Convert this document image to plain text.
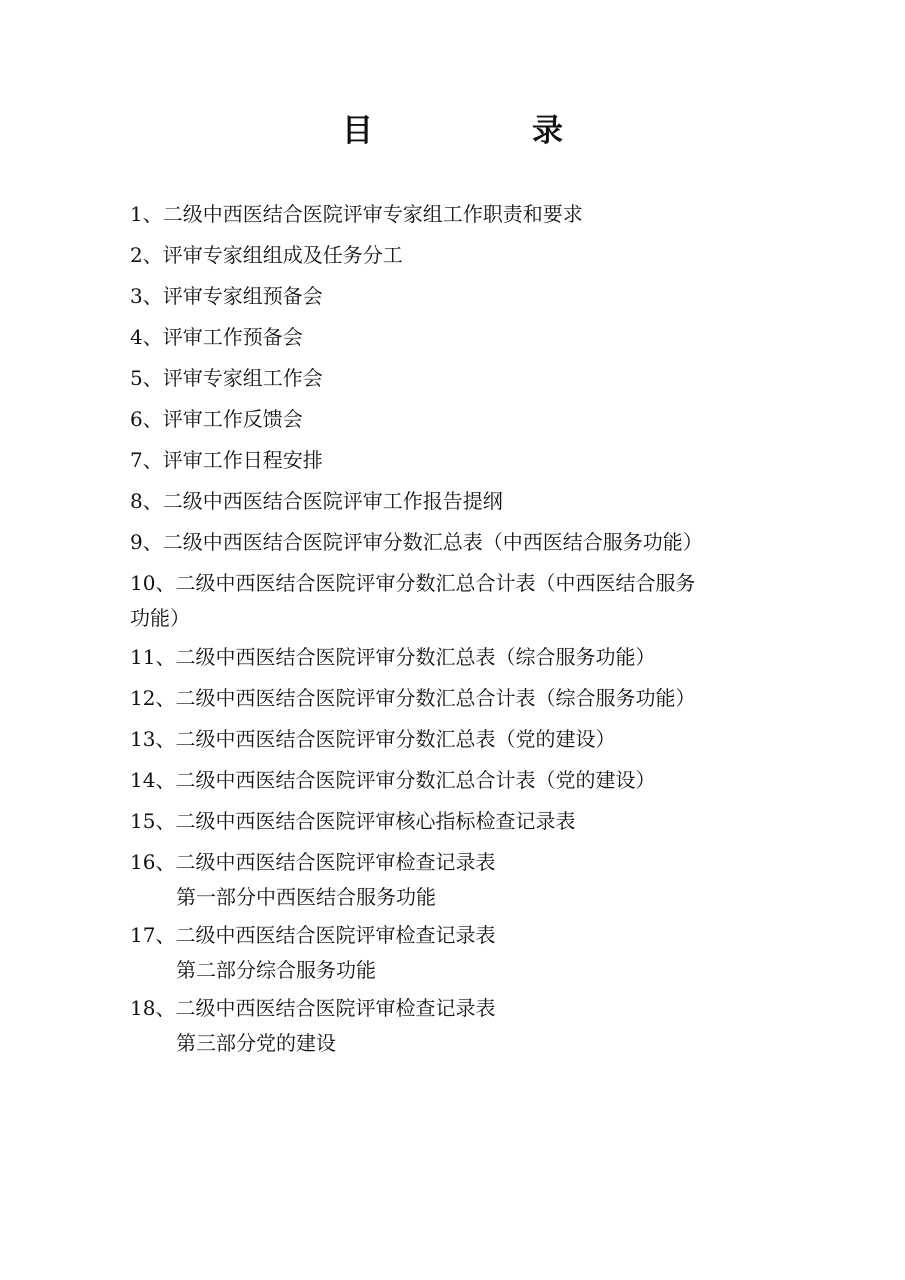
目　录
1、二级中西医结合医院评审专家组工作职责和要求
2、评审专家组组成及任务分工
3、评审专家组预备会
4、评审工作预备会
5、评审专家组工作会
6、评审工作反馈会
7、评审工作日程安排
8、二级中西医结合医院评审工作报告提纲
9、二级中西医结合医院评审分数汇总表（中西医结合服务功能）
10、二级中西医结合医院评审分数汇总合计表（中西医结合服务
功能）
11、二级中西医结合医院评审分数汇总表（综合服务功能）
12、二级中西医结合医院评审分数汇总合计表（综合服务功能）
13、二级中西医结合医院评审分数汇总表（党的建设）
14、二级中西医结合医院评审分数汇总合计表（党的建设）
15、二级中西医结合医院评审核心指标检查记录表
16、二级中西医结合医院评审检查记录表
第一部分中西医结合服务功能
17、二级中西医结合医院评审检查记录表
第二部分综合服务功能
18、二级中西医结合医院评审检查记录表
第三部分党的建设
